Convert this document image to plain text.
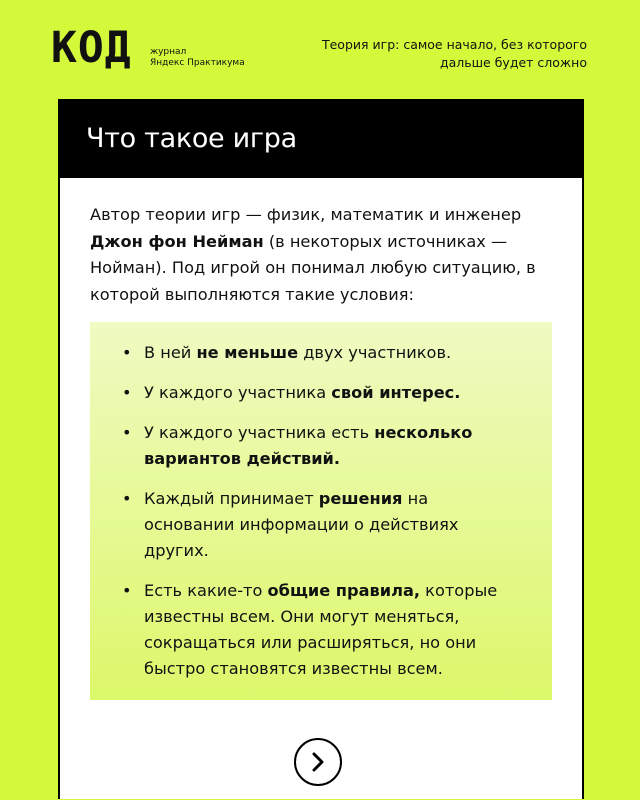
КОД журнал
Яндекс Практикума
Теория игр: самое начало, без которого
дальше будет сложно
Что такое игра
Автор теории игр — физик, математик и инженер Джон фон Нейман (в некоторых источниках — Нойман). Под игрой он понимал любую ситуацию, в которой выполняются такие условия:
• В ней не меньше двух участников.
• У каждого участника свой интерес.
• У каждого участника есть несколько вариантов действий.
• Каждый принимает решения на основании информации о действиях других.
• Есть какие-то общие правила, которые известны всем. Они могут меняться, сокращаться или расширяться, но они быстро становятся известны всем.
